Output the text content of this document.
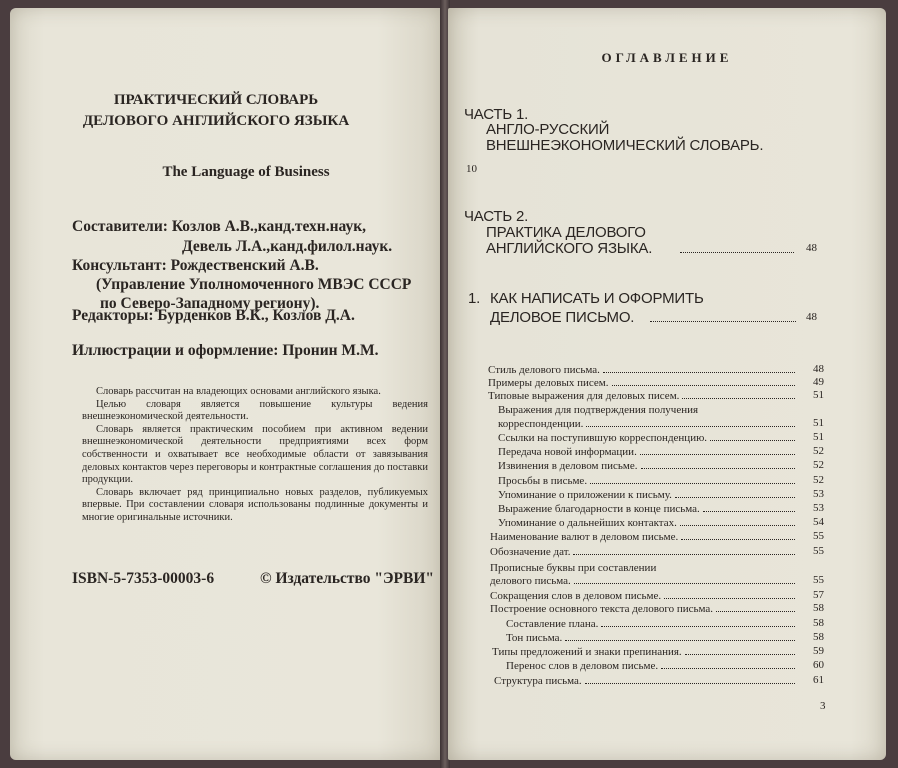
ПРАКТИЧЕСКИЙ СЛОВАРЬ
ДЕЛОВОГО АНГЛИЙСКОГО ЯЗЫКА
The Language of Business
Составители: Козлов А.В.,канд.техн.наук,
Девель Л.А.,канд.филол.наук.
Консультант: Рождественский А.В.
(Управление Уполномоченного МВЭС СССР
по Северо-Западному региону).
Редакторы: Бурденков В.К., Козлов Д.А.
Иллюстрации и оформление: Пронин М.М.

Словарь рассчитан на владеющих основами английского языка.

Целью словаря является повышение культуры ведения внешнеэкономической деятельности.

Словарь является практическим пособием при активном ведении внешнеэкономической деятельности предприятиями всех форм собственности и охватывает все необходимые области от завязывания деловых контактов через переговоры и контрактные соглашения до поставки продукции.

Словарь включает ряд принципиально новых разделов, публикуемых впервые. При составлении словаря использованы подлинные документы и многие оригинальные источники.

ISBN-5-7353-00003-6	© Издательство "ЭРВИ"
ОГЛАВЛЕНИЕ
ЧАСТЬ 1.
АНГЛО-РУССКИЙ
ВНЕШНЕЭКОНОМИЧЕСКИЙ СЛОВАРЬ.
10
ЧАСТЬ 2.
ПРАКТИКА ДЕЛОВОГО
АНГЛИЙСКОГО ЯЗЫКА.	48
1. КАК НАПИСАТЬ И ОФОРМИТЬ
ДЕЛОВОЕ ПИСЬМО.	48
Стиль делового письма.	48
Примеры деловых писем.	49
Типовые выражения для деловых писем.	51
Выражения для подтверждения получения
корреспонденции.	51
Ссылки на поступившую корреспонденцию.	51
Передача новой информации.	52
Извинения в деловом письме.	52
Просьбы в письме.	52
Упоминание о приложении к письму.	53
Выражение благодарности в конце письма.	53
Упоминание о дальнейших контактах.	54
Наименование валют в деловом письме.	55
Обозначение дат.	55
Прописные буквы при составлении
делового письма.	55
Сокращения слов в деловом письме.	57
Построение основного текста делового письма.	58
Составление плана.	58
Тон письма.	58
Типы предложений и знаки препинания.	59
Перенос слов в деловом письме.	60
Структура письма.	61
3
